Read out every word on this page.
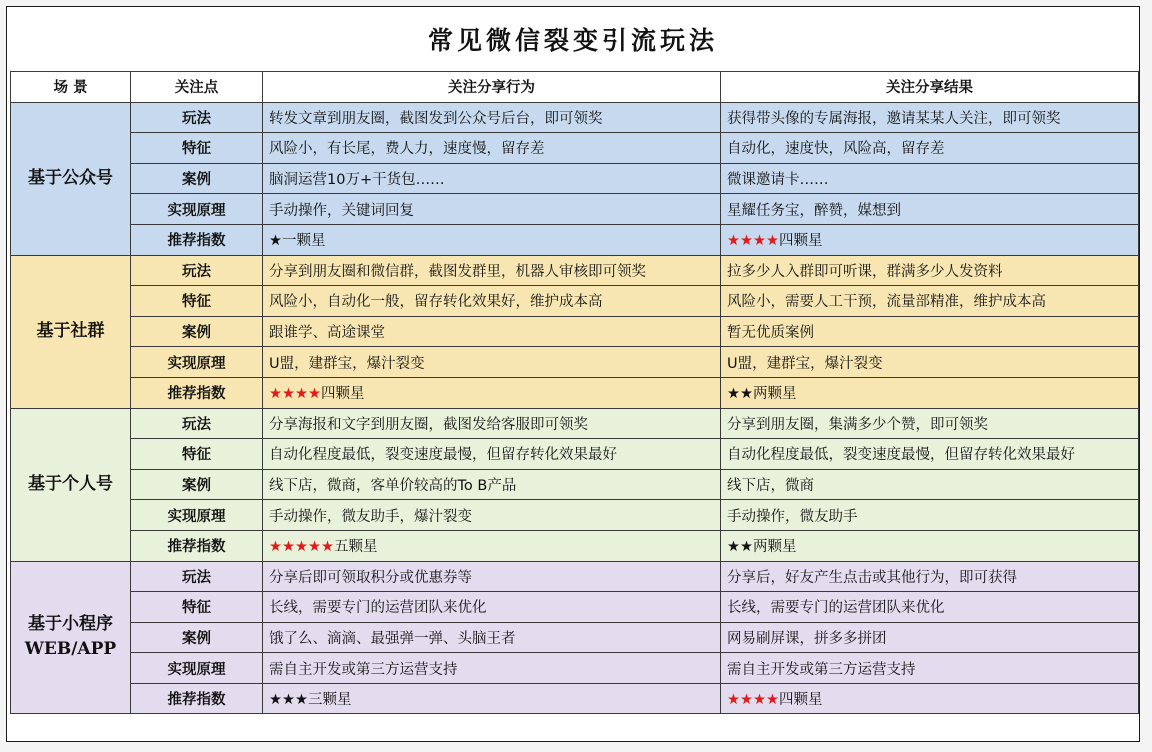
常见微信裂变引流玩法
场 景	关注点	关注分享行为	关注分享结果

基于公众号	玩法	转发文章到朋友圈，截图发到公众号后台，即可领奖	获得带头像的专属海报，邀请某某人关注，即可领奖
	特征	风险小，有长尾，费人力，速度慢，留存差	自动化，速度快，风险高，留存差
	案例	脑洞运营10万+干货包……	微课邀请卡……
	实现原理	手动操作，关键词回复	星耀任务宝，醉赞，媒想到
	推荐指数	★一颗星	★★★★四颗星

基于社群	玩法	分享到朋友圈和微信群，截图发群里，机器人审核即可领奖	拉多少人入群即可听课，群满多少人发资料
	特征	风险小，自动化一般，留存转化效果好，维护成本高	风险小，需要人工干预，流量部精准，维护成本高
	案例	跟谁学、高途课堂	暂无优质案例
	实现原理	U盟，建群宝，爆汁裂变	U盟，建群宝，爆汁裂变
	推荐指数	★★★★四颗星	★★两颗星

基于个人号	玩法	分享海报和文字到朋友圈，截图发给客服即可领奖	分享到朋友圈，集满多少个赞，即可领奖
	特征	自动化程度最低，裂变速度最慢，但留存转化效果最好	自动化程度最低，裂变速度最慢，但留存转化效果最好
	案例	线下店，微商，客单价较高的To B产品	线下店，微商
	实现原理	手动操作，微友助手，爆汁裂变	手动操作，微友助手
	推荐指数	★★★★★五颗星	★★两颗星

基于小程序
WEB/APP	玩法	分享后即可领取积分或优惠券等	分享后，好友产生点击或其他行为，即可获得
	特征	长线，需要专门的运营团队来优化	长线，需要专门的运营团队来优化
	案例	饿了么、滴滴、最强弹一弹、头脑王者	网易刷屏课，拼多多拼团
	实现原理	需自主开发或第三方运营支持	需自主开发或第三方运营支持
	推荐指数	★★★三颗星	★★★★四颗星
